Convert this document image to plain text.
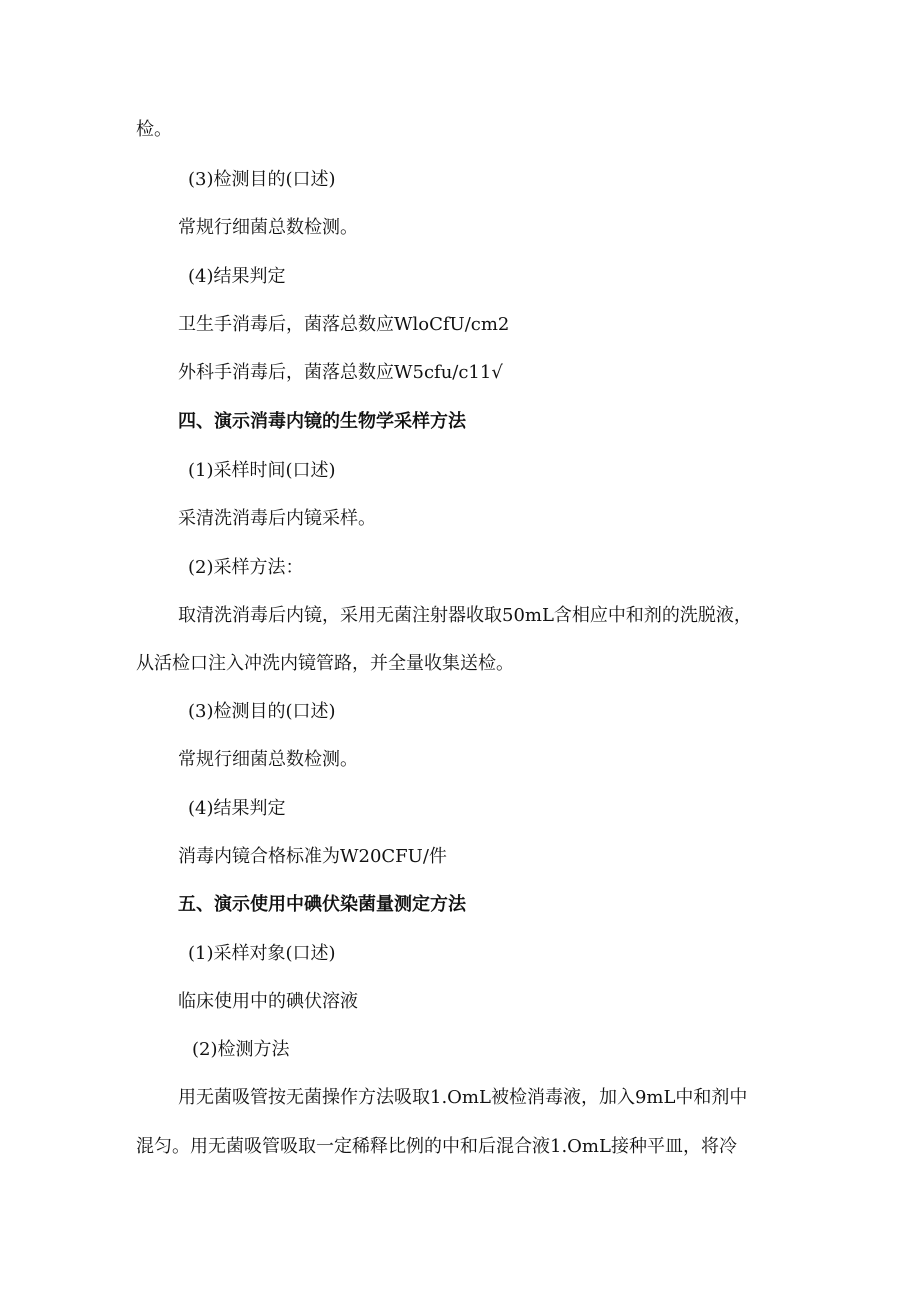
检。

(3)检测目的(口述)

常规行细菌总数检测。

(4)结果判定

卫生手消毒后，菌落总数应WloCfU/cm2

外科手消毒后，菌落总数应W5cfu∕c11√

四、演示消毒内镜的生物学采样方法

(1)采样时间(口述)

采清洗消毒后内镜采样。

(2)采样方法：

取清洗消毒后内镜，采用无菌注射器收取50mL含相应中和剂的洗脱液，

从活检口注入冲洗内镜管路，并全量收集送检。

(3)检测目的(口述)

常规行细菌总数检测。

(4)结果判定

消毒内镜合格标准为W20CFU/件

五、演示使用中碘伏染菌量测定方法

(1)采样对象(口述)

临床使用中的碘伏溶液

(2)检测方法

用无菌吸管按无菌操作方法吸取1.OmL被检消毒液，加入9mL中和剂中

混匀。用无菌吸管吸取一定稀释比例的中和后混合液1.OmL接种平皿，将冷
